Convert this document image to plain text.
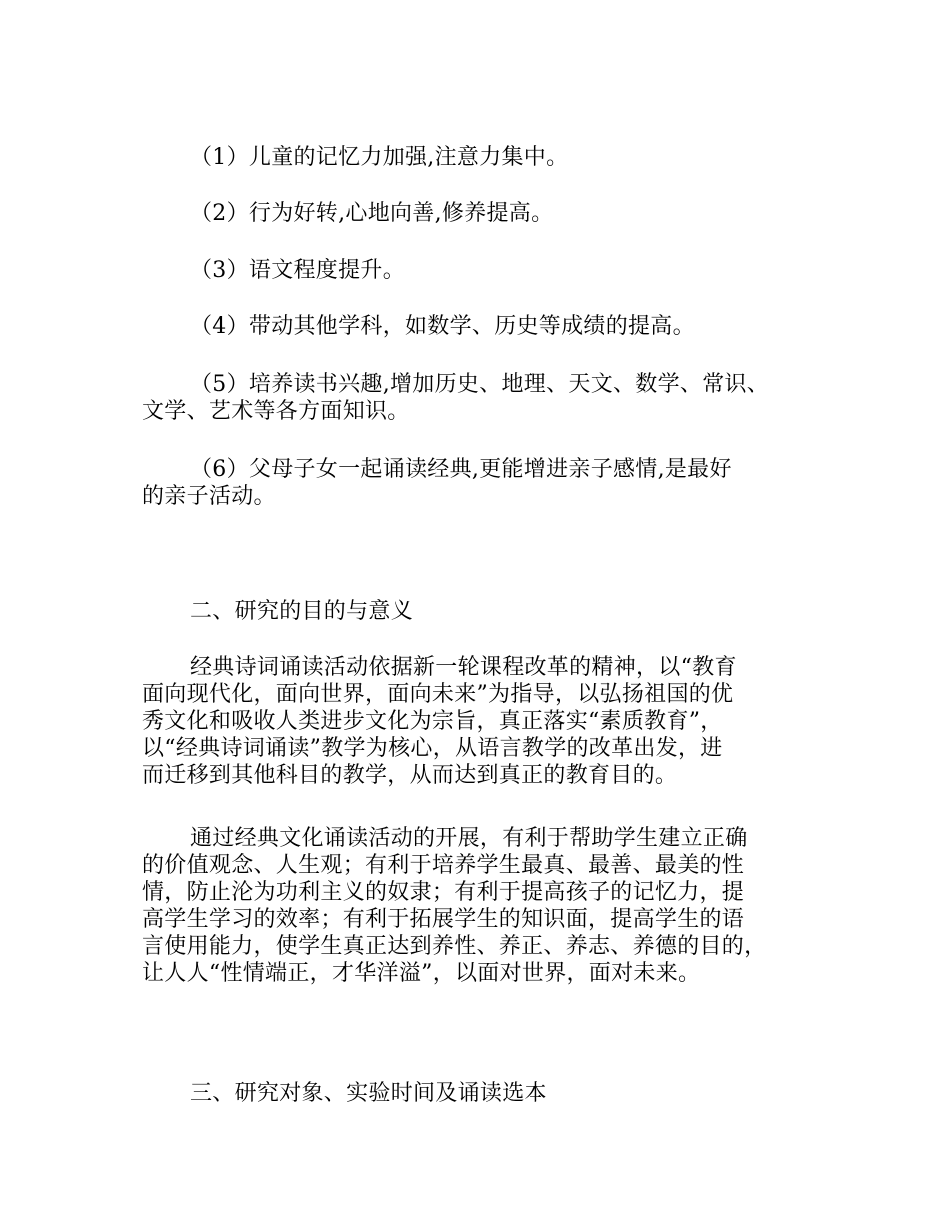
（1）儿童的记忆力加强,注意力集中。

（2）行为好转,心地向善,修养提高。

（3）语文程度提升。

（4）带动其他学科，如数学、历史等成绩的提高。

（5）培养读书兴趣,增加历史、地理、天文、数学、常识、
文学、艺术等各方面知识。

（6）父母子女一起诵读经典,更能增进亲子感情,是最好
的亲子活动。

二、研究的目的与意义

经典诗词诵读活动依据新一轮课程改革的精神，以“教育
面向现代化，面向世界，面向未来”为指导，以弘扬祖国的优
秀文化和吸收人类进步文化为宗旨，真正落实“素质教育”，
以“经典诗词诵读”教学为核心，从语言教学的改革出发，进
而迁移到其他科目的教学，从而达到真正的教育目的。

通过经典文化诵读活动的开展，有利于帮助学生建立正确
的价值观念、人生观；有利于培养学生最真、最善、最美的性
情，防止沦为功利主义的奴隶；有利于提高孩子的记忆力，提
高学生学习的效率；有利于拓展学生的知识面，提高学生的语
言使用能力，使学生真正达到养性、养正、养志、养德的目的，
让人人“性情端正，才华洋溢”，以面对世界，面对未来。

三、研究对象、实验时间及诵读选本
